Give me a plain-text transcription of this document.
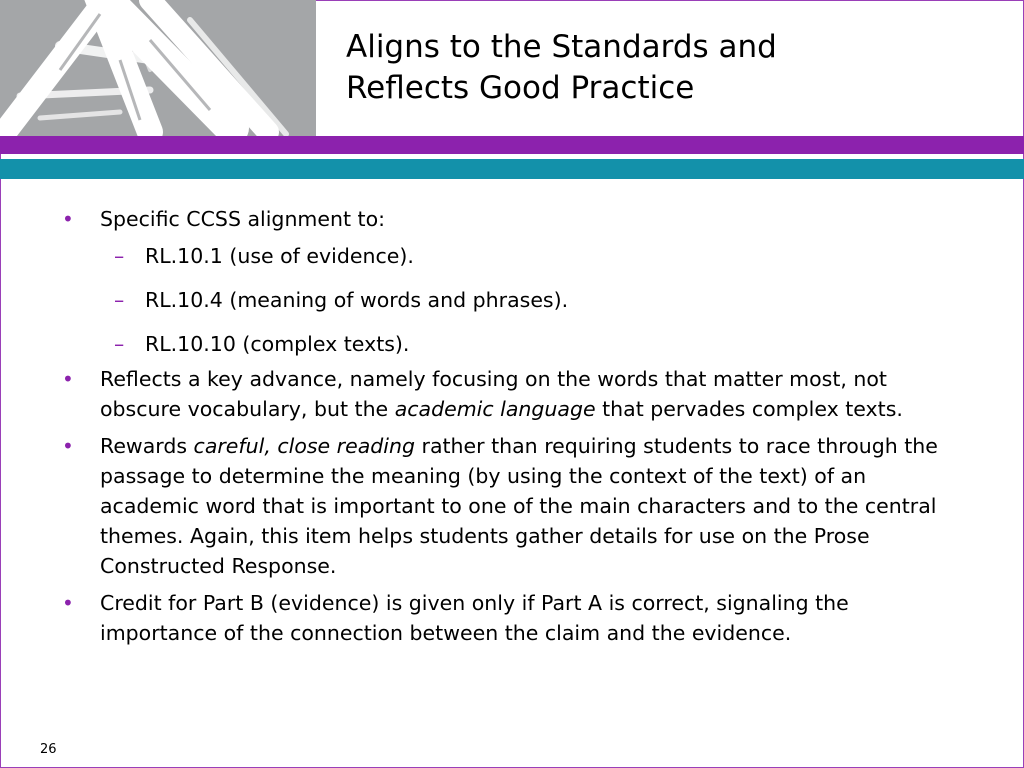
Aligns to the Standards and
Reflects Good Practice
• Specific CCSS alignment to:
– RL.10.1 (use of evidence).
– RL.10.4 (meaning of words and phrases).
– RL.10.10 (complex texts).
• Reflects a key advance, namely focusing on the words that matter most, not obscure vocabulary, but the academic language that pervades complex texts.
• Rewards careful, close reading rather than requiring students to race through the passage to determine the meaning (by using the context of the text) of an academic word that is important to one of the main characters and to the central themes. Again, this item helps students gather details for use on the Prose Constructed Response.
• Credit for Part B (evidence) is given only if Part A is correct, signaling the importance of the connection between the claim and the evidence.
26
